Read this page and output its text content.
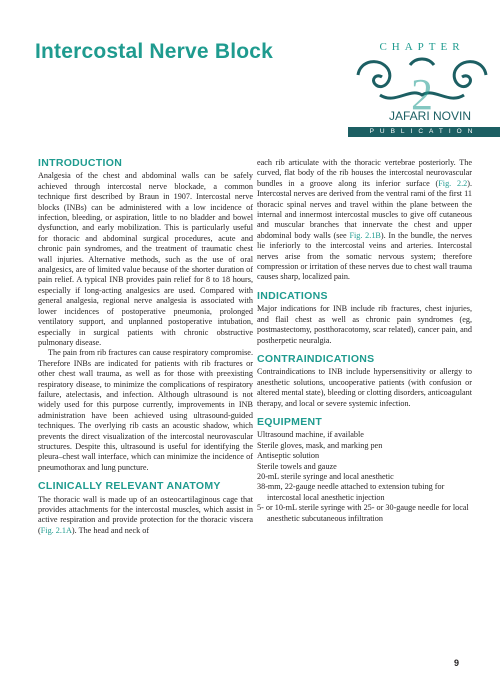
Intercostal Nerve Block	CHAPTER
2
JAFARI NOVIN
PUBLICATION
INTRODUCTION

Analgesia of the chest and abdominal walls can be safely achieved through intercostal nerve blockade, a common technique first described by Braun in 1907. Intercostal nerve blocks (INBs) can be administered with a low incidence of infection, bleeding, or aspiration, little to no bladder and bowel dysfunction, and early mobilization. This is particularly useful for thoracic and abdominal surgical procedures, acute and chronic pain syndromes, and the treatment of traumatic chest wall injuries. Alternative methods, such as the use of oral analgesics, are of limited value because of the shorter duration of pain relief. A typical INB provides pain relief for 8 to 18 hours, especially if long-acting analgesics are used. Compared with general analgesia, regional nerve analgesia is associated with lower incidences of postoperative pneumonia, prolonged ventilatory support, and unplanned postoperative intubation, especially in surgical patients with chronic obstructive pulmonary disease.

The pain from rib fractures can cause respiratory compromise. Therefore INBs are indicated for patients with rib fractures or other chest wall trauma, as well as for those with preexisting respiratory disease, to minimize the complications of respiratory failure, atelectasis, and infection. Although ultrasound is not widely used for this purpose currently, improvements in INB administration have been achieved using ultrasound-guided techniques. The overlying rib casts an acoustic shadow, which prevents the direct visualization of the intercostal neurovascular structures. Despite this, ultrasound is useful for identifying the pleura–chest wall interface, which can minimize the incidence of pneumothorax and lung puncture.

CLINICALLY RELEVANT ANATOMY

The thoracic wall is made up of an osteocartilaginous cage that provides attachments for the intercostal muscles, which assist in active respiration and provide protection for the thoracic viscera (Fig. 2.1A). The head and neck of

each rib articulate with the thoracic vertebrae posteriorly. The curved, flat body of the rib houses the intercostal neurovascular bundles in a groove along its inferior surface (Fig. 2.2). Intercostal nerves are derived from the ventral rami of the first 11 thoracic spinal nerves and travel within the plane between the internal and innermost intercostal muscles to give off cutaneous and muscular branches that innervate the chest and upper abdominal body walls (see Fig. 2.1B). In the bundle, the nerves lie inferiorly to the intercostal veins and arteries. Intercostal nerves arise from the somatic nervous system; therefore compression or irritation of these nerves due to chest wall trauma causes sharp, localized pain.

INDICATIONS

Major indications for INB include rib fractures, chest injuries, and flail chest as well as chronic pain syndromes (eg, postmastectomy, postthoracotomy, scar related), cancer pain, and postherpetic neuralgia.

CONTRAINDICATIONS

Contraindications to INB include hypersensitivity or allergy to anesthetic solutions, uncooperative patients (with confusion or altered mental state), bleeding or clotting disorders, anticoagulant therapy, and local or severe systemic infection.

EQUIPMENT
Ultrasound machine, if available
Sterile gloves, mask, and marking pen
Antiseptic solution
Sterile towels and gauze
20-mL sterile syringe and local anesthetic
38-mm, 22-gauge needle attached to extension tubing for intercostal local anesthetic injection
5- or 10-mL sterile syringe with 25- or 30-gauge needle for local anesthetic subcutaneous infiltration
9
